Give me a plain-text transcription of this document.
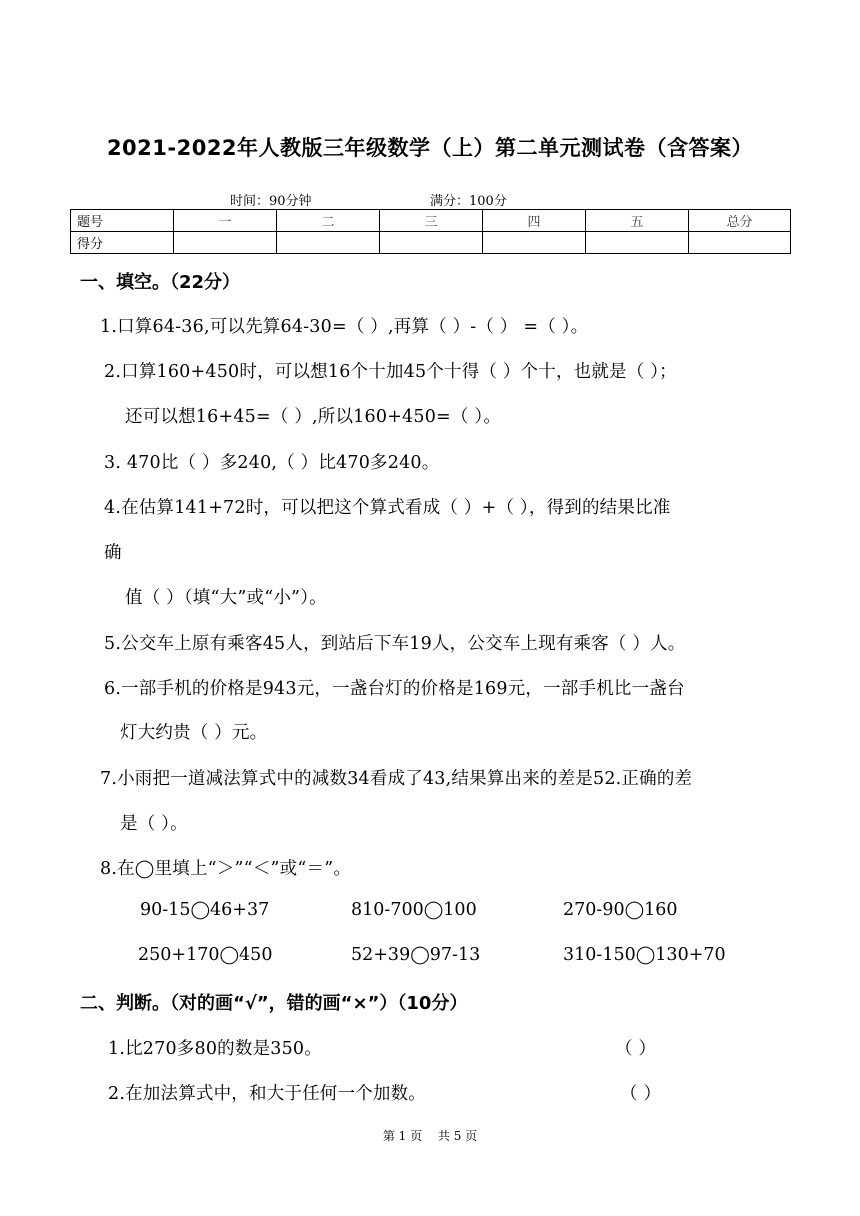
2021-2022年人教版三年级数学（上）第二单元测试卷（含答案）
时间：90分钟	满分：100分
题号	一	二	三	四	五	总分
得分						
一、填空。（22分）
1.口算64-36,可以先算64-30=（ ）,再算（ ）-（ ） =（ ）。
2.口算160+450时，可以想16个十加45个十得（ ）个十，也就是（ ）；
还可以想16+45=（ ）,所以160+450=（ ）。
3. 470比（ ）多240,（ ）比470多240。
4.在估算141+72时，可以把这个算式看成（ ）+（ ），得到的结果比准
确
值（ ）（填“大”或“小”）。
5.公交车上原有乘客45人，到站后下车19人，公交车上现有乘客（ ）人。
6.一部手机的价格是943元，一盏台灯的价格是169元，一部手机比一盏台
灯大约贵（ ）元。
7.小雨把一道减法算式中的减数34看成了43,结果算出来的差是52.正确的差
是（ ）。
8.在◯里填上“＞”“＜”或“＝”。
90-15◯46+37	810-700◯100	270-90◯160
250+170◯450	52+39◯97-13	310-150◯130+70
二、判断。（对的画“√”，错的画“×”）（10分）
1.比270多80的数是350。	（ ）
2.在加法算式中，和大于任何一个加数。	（ ）
第 1 页 共 5 页
